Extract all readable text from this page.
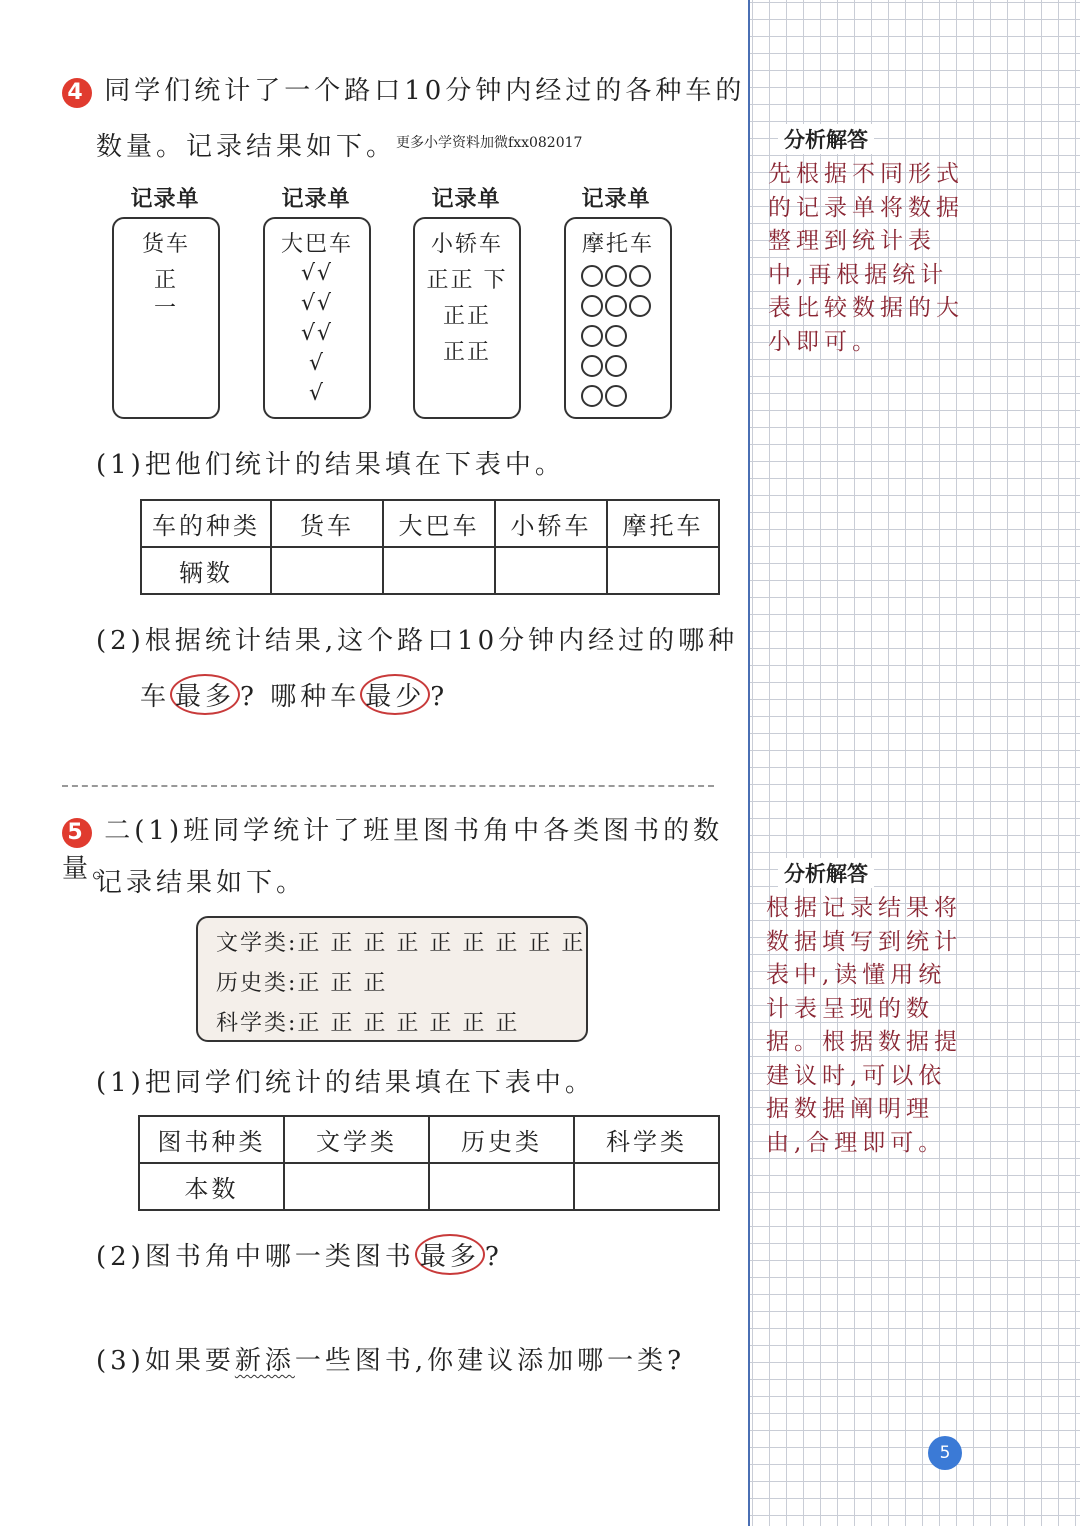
4 同学们统计了一个路口10分钟内经过的各种车的
数量。记录结果如下。$^{更多小学资料加微fxx082017}$
记录单
货车
正
一
记录单
大巴车
√√
√√
√√
√
√
记录单
小轿车
正正 下
正正
正正
记录单
摩托车
(1)把他们统计的结果填在下表中。
车的种类	货车	大巴车	小轿车	摩托车
辆数				
(2)根据统计结果,这个路口10分钟内经过的哪种
车 最多 ? 哪种车 最少 ?
5 二(1)班同学统计了班里图书角中各类图书的数量。
记录结果如下。
文学类:正 正 正 正 正 正 正 正 正
历史类:正 正 正
科学类:正 正 正 正 正 正 正
(1)把同学们统计的结果填在下表中。
图书种类	文学类	历史类	科学类
本数			
(2)图书角中哪一类图书 最多 ?
(3)如果要新添一些图书,你建议添加哪一类?
分析解答
先根据不同形式
的记录单将数据
整理到统计表
中,再根据统计
表比较数据的大
小即可。
分析解答
根据记录结果将
数据填写到统计
表中,读懂用统
计表呈现的数
据。根据数据提
建议时,可以依
据数据阐明理
由,合理即可。
5
